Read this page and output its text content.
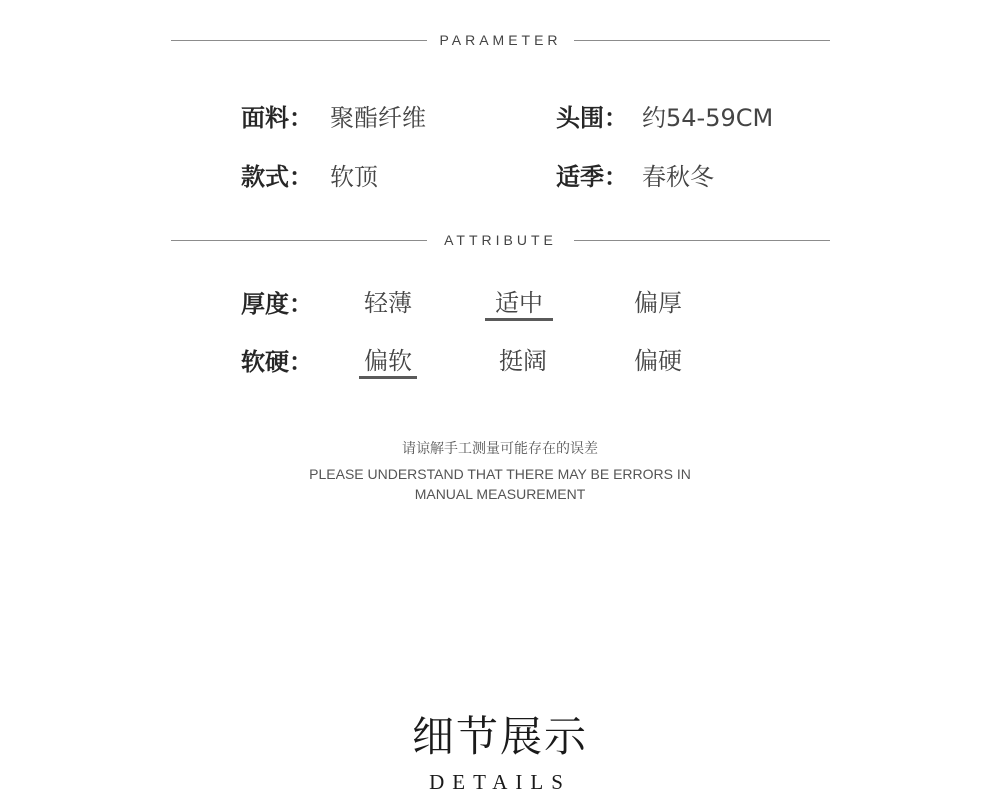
PARAMETER
面料： 聚酯纤维	头围： 约54-59CM
款式： 软顶	适季： 春秋冬
ATTRIBUTE
厚度：	轻薄	适中	偏厚
软硬： 偏软	挺阔	偏硬
请谅解手工测量可能存在的误差
PLEASE UNDERSTAND THAT THERE MAY BE ERRORS IN MANUAL MEASUREMENT
细节展示
DETAILS
